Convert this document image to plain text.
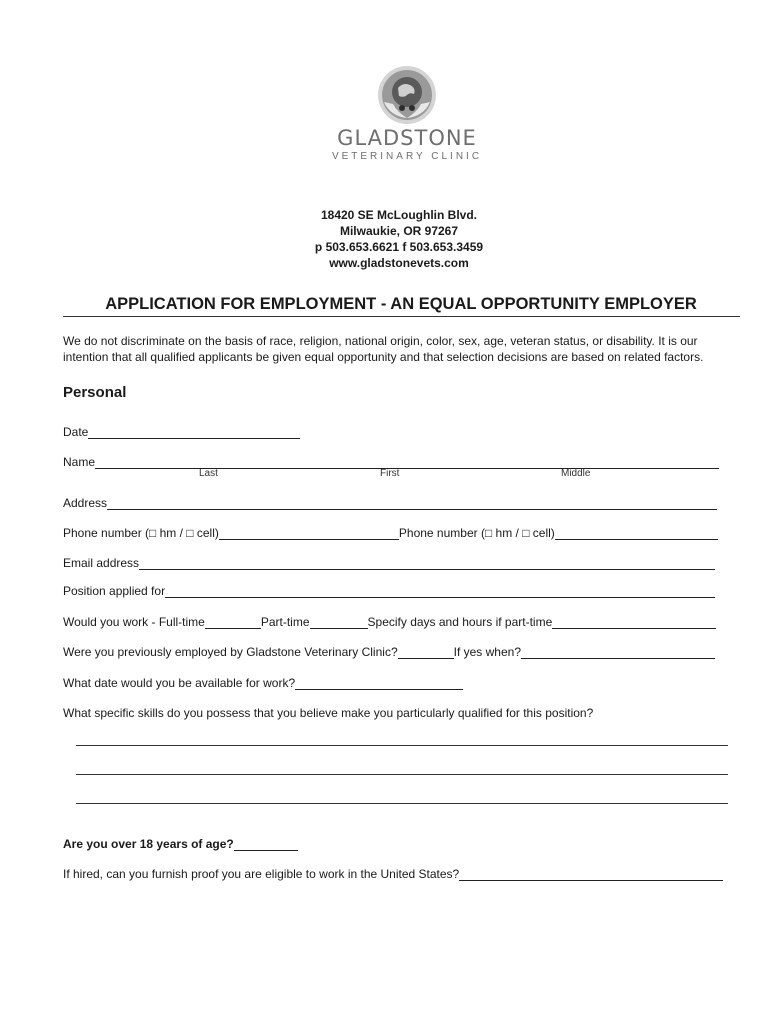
GLADSTONE
VETERINARY CLINIC
18420 SE McLoughlin Blvd.
Milwaukie, OR 97267
p 503.653.6621 f 503.653.3459
www.gladstonevets.com
APPLICATION FOR EMPLOYMENT - AN EQUAL OPPORTUNITY EMPLOYER

We do not discriminate on the basis of race, religion, national origin, color, sex, age, veteran status, or disability. It is our intention that all qualified applicants be given equal opportunity and that selection decisions are based on related factors.

Personal
Date
Name
Last	First	Middle
Address
Phone number (□ hm / □ cell)	Phone number (□ hm / □ cell)
Email address
Position applied for
Would you work - Full-time	Part-time	Specify days and hours if part-time
Were you previously employed by Gladstone Veterinary Clinic?	If yes when?
What date would you be available for work?
What specific skills do you possess that you believe make you particularly qualified for this position?
Are you over 18 years of age?
If hired, can you furnish proof you are eligible to work in the United States?
